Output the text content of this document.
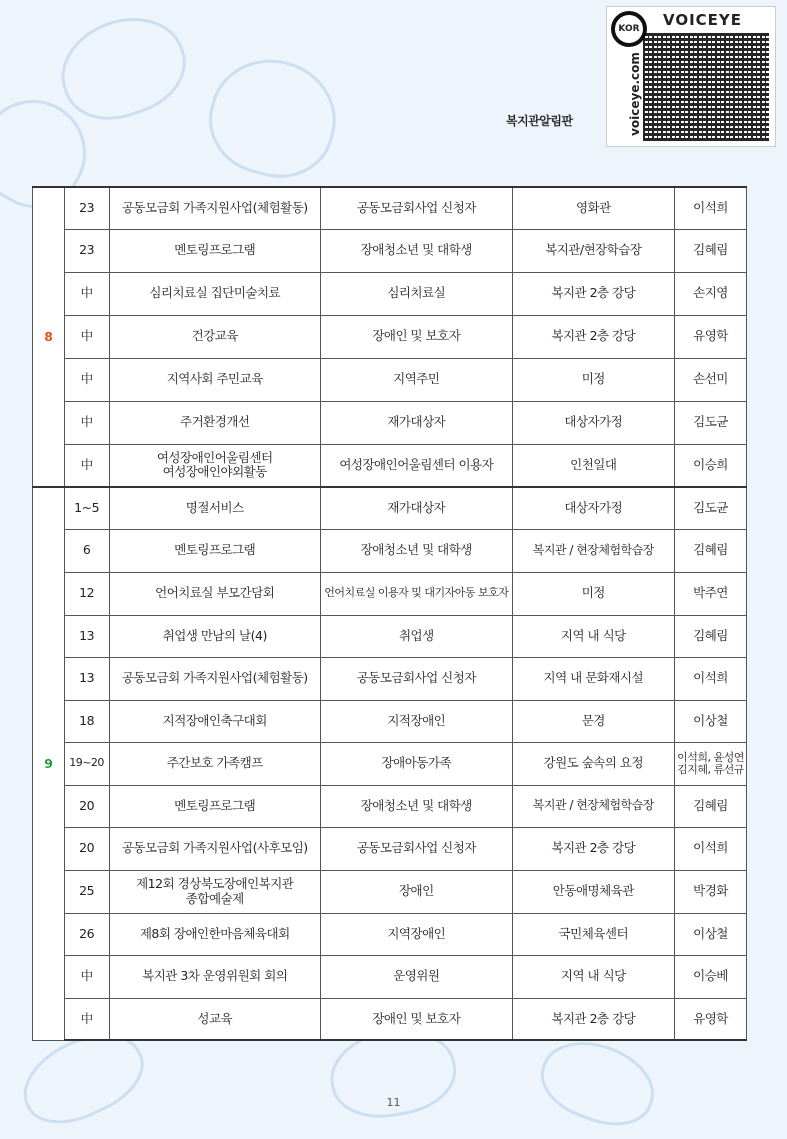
복지관알림판
KOR	VOICEYE
voiceye.com
8	23	공동모금회 가족지원사업(체험활동)	공동모금회사업 신청자	영화관	이석희
	23	멘토링프로그램	장애청소년 및 대학생	복지관/현장학습장	김혜림
	中	심리치료실 집단미술치료	심리치료실	복지관 2층 강당	손지영
	中	건강교육	장애인 및 보호자	복지관 2층 강당	유영학
	中	지역사회 주민교육	지역주민	미정	손선미
	中	주거환경개선	재가대상자	대상자가정	김도균
	中	여성장애인어울림센터
여성장애인야외활동	여성장애인어울림센터 이용자	인천일대	이승희
9	1~5	명절서비스	재가대상자	대상자가정	김도균
	6	멘토링프로그램	장애청소년 및 대학생	복지관 / 현장체험학습장	김혜림
	12	언어치료실 부모간담회	언어치료실 이용자 및 대기자아동 보호자	미정	박주연
	13	취업생 만남의 날(4)	취업생	지역 내 식당	김혜림
	13	공동모금회 가족지원사업(체험활동)	공동모금회사업 신청자	지역 내 문화재시설	이석희
	18	지적장애인축구대회	지적장애인	문경	이상철
	19~20	주간보호 가족캠프	장애아동가족	강원도 숲속의 요정	이석희, 윤성연
김지혜, 류선규
	20	멘토링프로그램	장애청소년 및 대학생	복지관 / 현장체험학습장	김혜림
	20	공동모금회 가족지원사업(사후모임)	공동모금회사업 신청자	복지관 2층 강당	이석희
	25	제12회 경상북도장애인복지관
종합예술제	장애인	안동애명체육관	박경화
	26	제8회 장애인한마음체육대회	지역장애인	국민체육센터	이상철
	中	복지관 3차 운영위원회 회의	운영위원	지역 내 식당	이승베
	中	성교육	장애인 및 보호자	복지관 2층 강당	유영학
11
